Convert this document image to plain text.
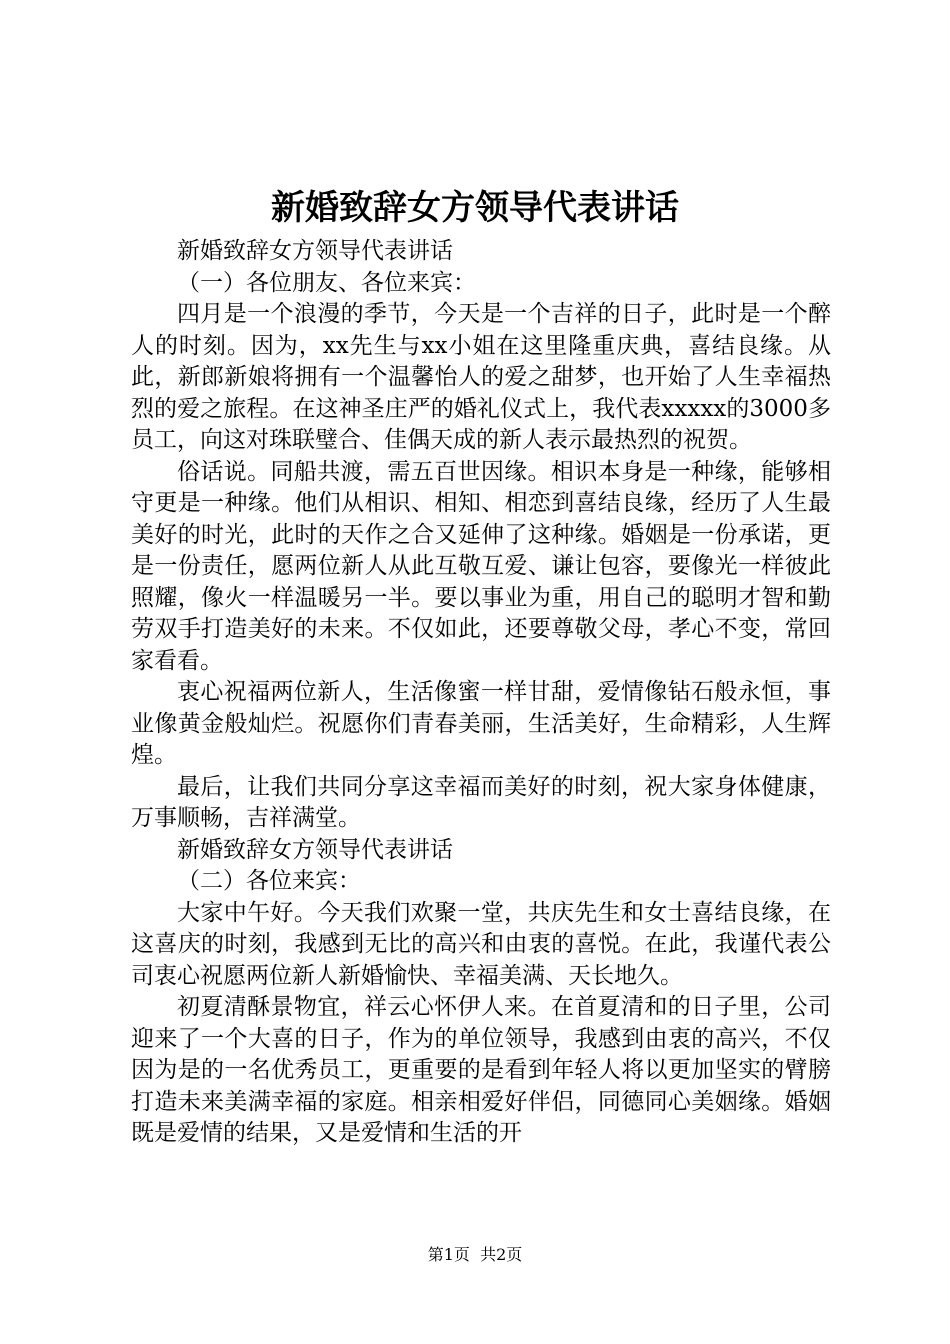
新婚致辞女方领导代表讲话

新婚致辞女方领导代表讲话

（一）各位朋友、各位来宾：

四月是一个浪漫的季节，今天是一个吉祥的日子，此时是一个醉人的时刻。因为，xx先生与xx小姐在这里隆重庆典，喜结良缘。从此，新郎新娘将拥有一个温馨怡人的爱之甜梦，也开始了人生幸福热烈的爱之旅程。在这神圣庄严的婚礼仪式上，我代表xxxxx的3000多员工，向这对珠联璧合、佳偶天成的新人表示最热烈的祝贺。

俗话说。同船共渡，需五百世因缘。相识本身是一种缘，能够相守更是一种缘。他们从相识、相知、相恋到喜结良缘，经历了人生最美好的时光，此时的天作之合又延伸了这种缘。婚姻是一份承诺，更是一份责任，愿两位新人从此互敬互爱、谦让包容，要像光一样彼此照耀，像火一样温暖另一半。要以事业为重，用自己的聪明才智和勤劳双手打造美好的未来。不仅如此，还要尊敬父母，孝心不变，常回家看看。

衷心祝福两位新人，生活像蜜一样甘甜，爱情像钻石般永恒，事业像黄金般灿烂。祝愿你们青春美丽，生活美好，生命精彩，人生辉煌。

最后，让我们共同分享这幸福而美好的时刻，祝大家身体健康，万事顺畅，吉祥满堂。

新婚致辞女方领导代表讲话

（二）各位来宾：

大家中午好。今天我们欢聚一堂，共庆先生和女士喜结良缘，在这喜庆的时刻，我感到无比的高兴和由衷的喜悦。在此，我谨代表公司衷心祝愿两位新人新婚愉快、幸福美满、天长地久。

初夏清酥景物宜，祥云心怀伊人来。在首夏清和的日子里，公司迎来了一个大喜的日子，作为的单位领导，我感到由衷的高兴，不仅因为是的一名优秀员工，更重要的是看到年轻人将以更加坚实的臂膀打造未来美满幸福的家庭。相亲相爱好伴侣，同德同心美姻缘。婚姻既是爱情的结果，又是爱情和生活的开

第1页  共2页
